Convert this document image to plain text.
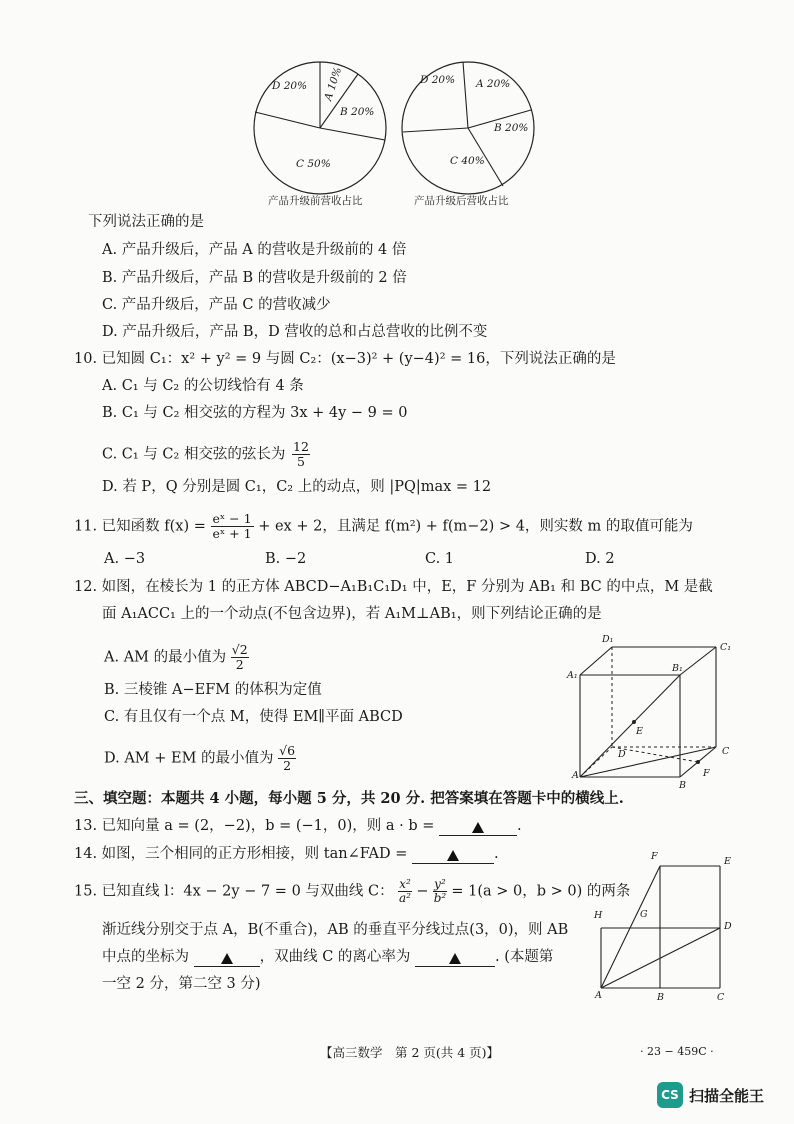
D 20% A 10%
B 20%
C 50%
产品升级前营收占比
D 20% A 20%
B 20%
C 40%
产品升级后营收占比
下列说法正确的是
A. 产品升级后，产品 A 的营收是升级前的 4 倍
B. 产品升级后，产品 B 的营收是升级前的 2 倍
C. 产品升级后，产品 C 的营收减少
D. 产品升级后，产品 B，D 营收的总和占总营收的比例不变
10. 已知圆 C₁：x² + y² = 9 与圆 C₂：(x−3)² + (y−4)² = 16，下列说法正确的是
A. C₁ 与 C₂ 的公切线恰有 4 条
B. C₁ 与 C₂ 相交弦的方程为 3x + 4y − 9 = 0
C. C₁ 与 C₂ 相交弦的弦长为 $\frac{12}{5}$
D. 若 P，Q 分别是圆 C₁，C₂ 上的动点，则 |PQ|max = 12
11. 已知函数 $f(x) = \frac{\text{eˣ − 1}}{\text{eˣ + 1}}$ + ex + 2，且满足 f(m²) + f(m−2) > 4，则实数 m 的取值可能为
A. −3	B. −2	C. 1	D. 2
12. 如图，在棱长为 1 的正方体 ABCD−A₁B₁C₁D₁ 中，E，F 分别为 AB₁ 和 BC 的中点，M 是截
面 A₁ACC₁ 上的一个动点(不包含边界)，若 A₁M⊥AB₁，则下列结论正确的是
A. AM 的最小值为 $\frac{√2}{2}$
B. 三棱锥 A−EFM 的体积为定值
C. 有且仅有一个点 M，使得 EM∥平面 ABCD
D. AM + EM 的最小值为 $\frac{√6}{2}$
D₁
C₁
A₁
B₁
E
D	C
A
B
F
三、填空题：本题共 4 小题，每小题 5 分，共 20 分. 把答案填在答题卡中的横线上.
13. 已知向量 a = (2，−2)，b = (−1，0)，则 a · b =	.
14. 如图，三个相同的正方形相接，则 tan∠FAD =	.
15. 已知直线 l：4x − 2y − 7 = 0 与双曲线 C： $\frac{\text{x²}}{\text{a²}} - \frac{\text{y²}}{\text{b²}} = 1(a > 0$，b > 0) 的两条
渐近线分别交于点 A，B(不重合)，AB 的垂直平分线过点(3，0)，则 AB
中点的坐标为	，双曲线 C 的离心率为	. (本题第
一空 2 分，第二空 3 分)
F	E
H	G
D
A	B	C
【高三数学　第 2 页(共 4 页)】	· 23 − 459C ·
CS 扫描全能王
